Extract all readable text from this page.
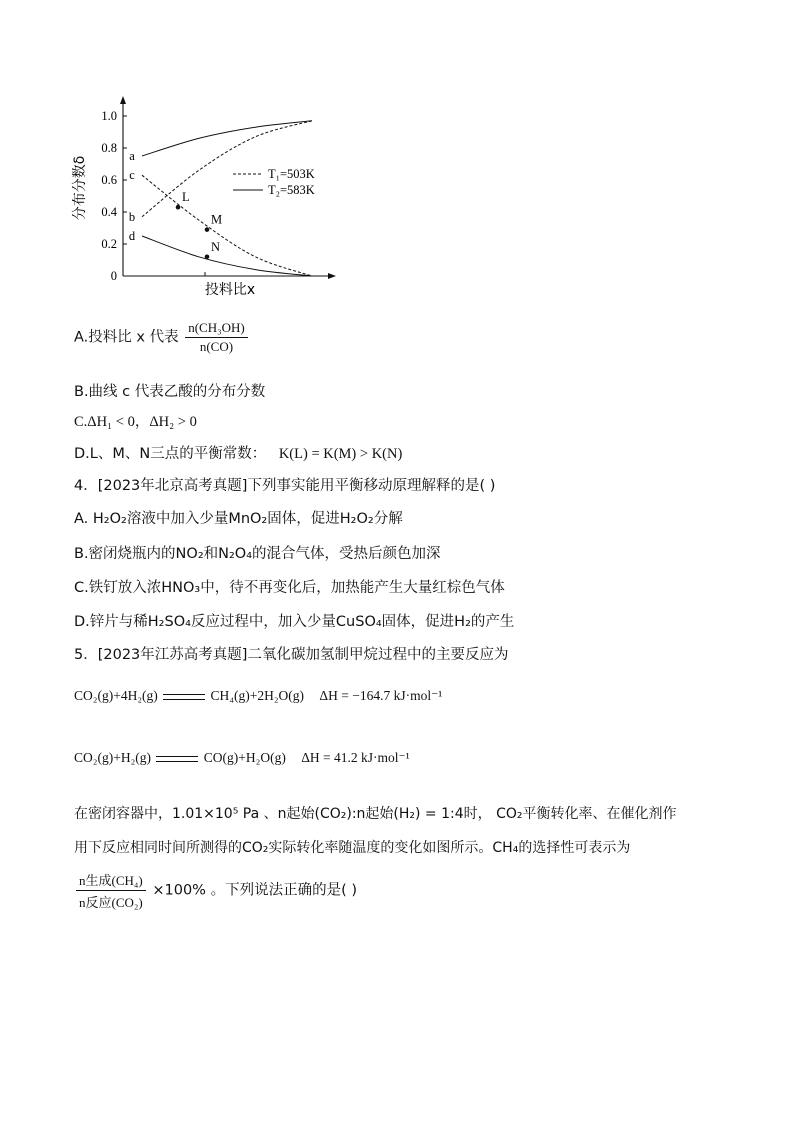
分布分数δ
投料比x
1.0
0.8
0.6
0.4
0.2
0
a
b
c
d
L
M
N
T₁=503K
T₂=583K
A.投料比 x 代表 $\frac{\text{n(CH₃OH)}}{n(CO)}$
B.曲线 c 代表乙酸的分布分数
C.ΔH₁ < 0，ΔH₂ > 0
D.L、M、N三点的平衡常数： K(L) = K(M) > K(N)
4．[2023年北京高考真题]下列事实能用平衡移动原理解释的是( )
A. H₂O₂溶液中加入少量MnO₂固体，促进H₂O₂分解
B.密闭烧瓶内的NO₂和N₂O₄的混合气体，受热后颜色加深
C.铁钉放入浓HNO₃中，待不再变化后，加热能产生大量红棕色气体
D.锌片与稀H₂SO₄反应过程中，加入少量CuSO₄固体，促进H₂的产生
5．[2023年江苏高考真题]二氧化碳加氢制甲烷过程中的主要反应为
CO₂(g)+4H₂(g)	CH₄(g)+2H₂O(g) ΔH = −164.7 kJ·mol⁻¹
CO₂(g)+H₂(g)	CO(g)+H₂O(g) ΔH = 41.2 kJ·mol⁻¹
在密闭容器中，1.01×10⁵ Pa 、n起始(CO₂):n起始(H₂) = 1:4时， CO₂平衡转化率、在催化剂作
用下反应相同时间所测得的CO₂实际转化率随温度的变化如图所示。CH₄的选择性可表示为
$\frac{\text{n生成(CH₄)}}{\text{n反应(CO₂)}} \times 100\%$ 。下列说法正确的是( )
